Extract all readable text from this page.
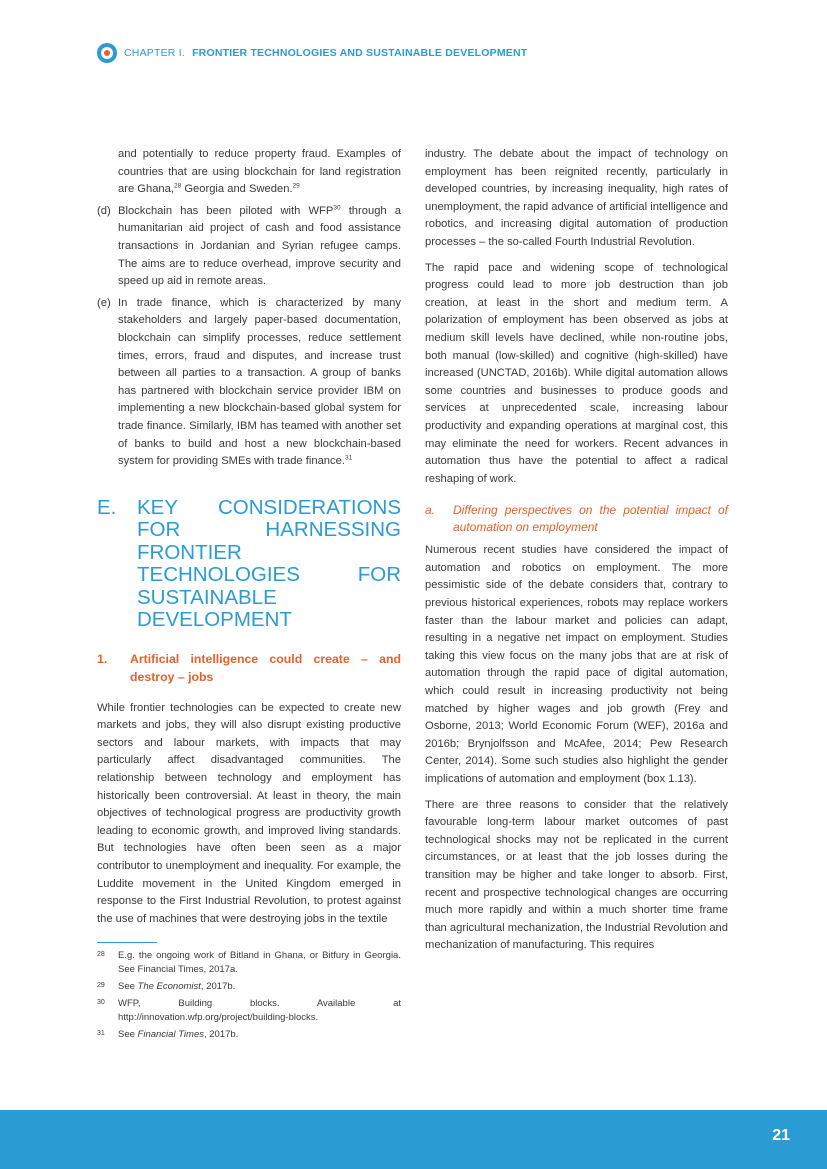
CHAPTER I. FRONTIER TECHNOLOGIES AND SUSTAINABLE DEVELOPMENT

and potentially to reduce property fraud. Examples of countries that are using blockchain for land registration are Ghana,$^{28}$ Georgia and Sweden.$^{29}$

(d) Blockchain has been piloted with WFP$^{30}$ through a humanitarian aid project of cash and food assistance transactions in Jordanian and Syrian refugee camps. The aims are to reduce overhead, improve security and speed up aid in remote areas.
(e) In trade finance, which is characterized by many stakeholders and largely paper-based documentation, blockchain can simplify processes, reduce settlement times, errors, fraud and disputes, and increase trust between all parties to a transaction. A group of banks has partnered with blockchain service provider IBM on implementing a new blockchain-based global system for trade finance. Similarly, IBM has teamed with another set of banks to build and host a new blockchain-based system for providing SMEs with trade finance.$^{31}$
E.	KEY CONSIDERATIONS FOR HARNESSING FRONTIER TECHNOLOGIES FOR SUSTAINABLE DEVELOPMENT
1.	Artificial intelligence could create – and destroy – jobs

While frontier technologies can be expected to create new markets and jobs, they will also disrupt existing productive sectors and labour markets, with impacts that may particularly affect disadvantaged communities. The relationship between technology and employment has historically been controversial. At least in theory, the main objectives of technological progress are productivity growth leading to economic growth, and improved living standards. But technologies have often been seen as a major contributor to unemployment and inequality. For example, the Luddite movement in the United Kingdom emerged in response to the First Industrial Revolution, to protest against the use of machines that were destroying jobs in the textile

28	E.g. the ongoing work of Bitland in Ghana, or Bitfury in Georgia. See Financial Times, 2017a.
29	See The Economist, 2017b.
30	WFP, Building blocks. Available at http://innovation.wfp.org/project/building-blocks.
31	See Financial Times, 2017b.

industry. The debate about the impact of technology on employment has been reignited recently, particularly in developed countries, by increasing inequality, high rates of unemployment, the rapid advance of artificial intelligence and robotics, and increasing digital automation of production processes – the so-called Fourth Industrial Revolution.

The rapid pace and widening scope of technological progress could lead to more job destruction than job creation, at least in the short and medium term. A polarization of employment has been observed as jobs at medium skill levels have declined, while non-routine jobs, both manual (low-skilled) and cognitive (high-skilled) have increased (UNCTAD, 2016b). While digital automation allows some countries and businesses to produce goods and services at unprecedented scale, increasing labour productivity and expanding operations at marginal cost, this may eliminate the need for workers. Recent advances in automation thus have the potential to affect a radical reshaping of work.

a.	Differing perspectives on the potential impact of automation on employment

Numerous recent studies have considered the impact of automation and robotics on employment. The more pessimistic side of the debate considers that, contrary to previous historical experiences, robots may replace workers faster than the labour market and policies can adapt, resulting in a negative net impact on employment. Studies taking this view focus on the many jobs that are at risk of automation through the rapid pace of digital automation, which could result in increasing productivity not being matched by higher wages and job growth (Frey and Osborne, 2013; World Economic Forum (WEF), 2016a and 2016b; Brynjolfsson and McAfee, 2014; Pew Research Center, 2014). Some such studies also highlight the gender implications of automation and employment (box 1.13).

There are three reasons to consider that the relatively favourable long-term labour market outcomes of past technological shocks may not be replicated in the current circumstances, or at least that the job losses during the transition may be higher and take longer to absorb. First, recent and prospective technological changes are occurring much more rapidly and within a much shorter time frame than agricultural mechanization, the Industrial Revolution and mechanization of manufacturing. This requires

21
